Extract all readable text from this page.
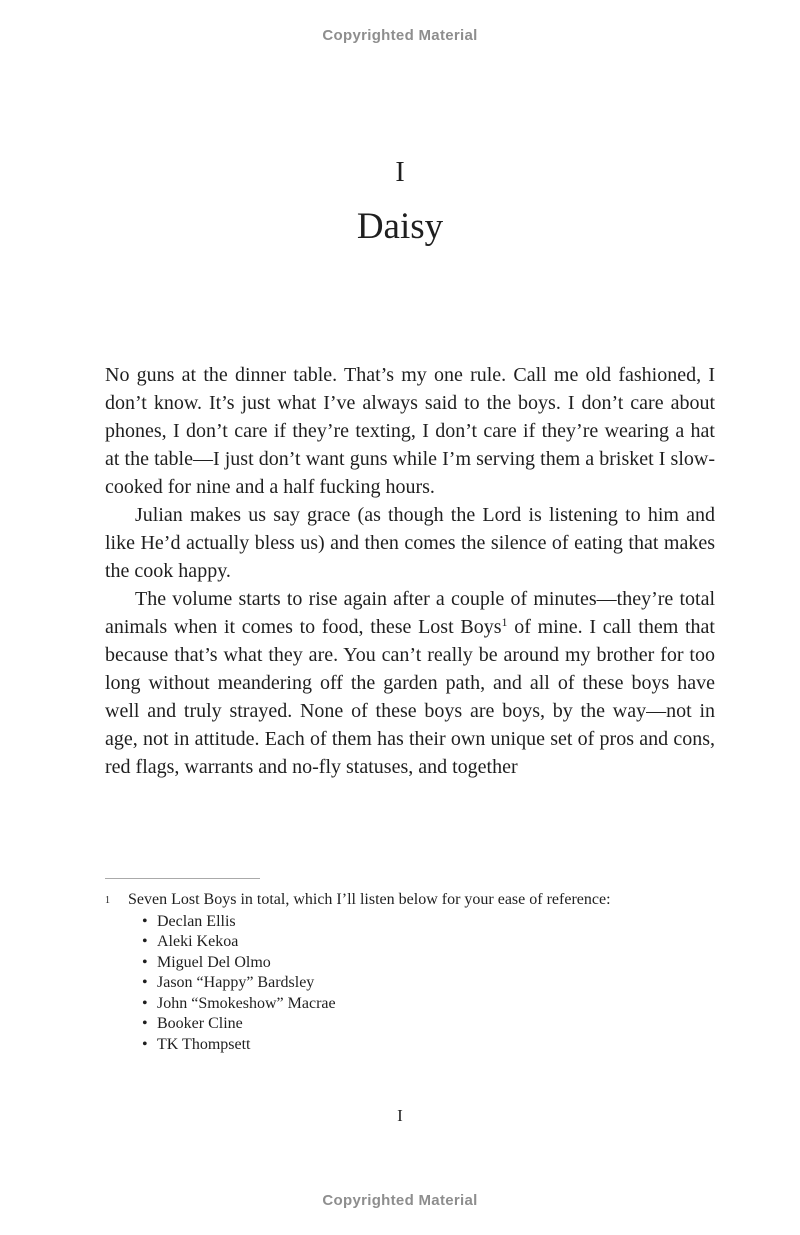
Copyrighted Material
I
Daisy

No guns at the dinner table. That’s my one rule. Call me old fashioned, I don’t know. It’s just what I’ve always said to the boys. I don’t care about phones, I don’t care if they’re texting, I don’t care if they’re wearing a hat at the table—I just don’t want guns while I’m serving them a brisket I slow-cooked for nine and a half fucking hours.

Julian makes us say grace (as though the Lord is listening to him and like He’d actually bless us) and then comes the silence of eating that makes the cook happy.

The volume starts to rise again after a couple of minutes—they’re total animals when it comes to food, these Lost Boys$^1$ of mine. I call them that because that’s what they are. You can’t really be around my brother for too long without meandering off the garden path, and all of these boys have well and truly strayed. None of these boys are boys, by the way—not in age, not in attitude. Each of them has their own unique set of pros and cons, red flags, warrants and no-fly statuses, and together

1	Seven Lost Boys in total, which I’ll listen below for your ease of reference:
• Declan Ellis
• Aleki Kekoa
• Miguel Del Olmo
• Jason “Happy” Bardsley
• John “Smokeshow” Macrae
• Booker Cline
• TK Thompsett
I
Copyrighted Material
